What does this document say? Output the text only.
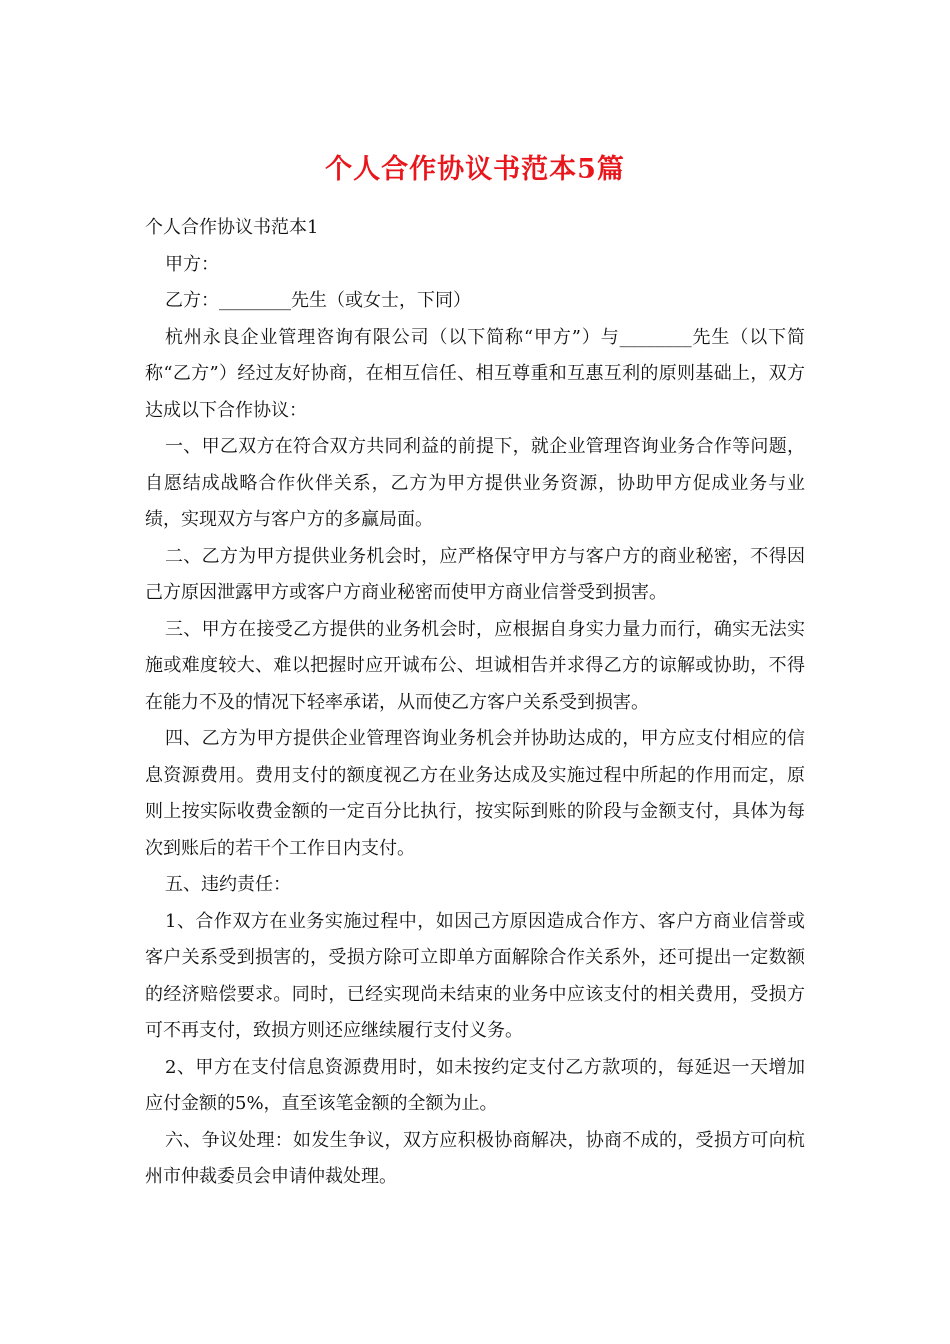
个人合作协议书范本5篇

个人合作协议书范本1

甲方：

乙方：________先生（或女士，下同）

杭州永良企业管理咨询有限公司（以下简称“甲方”）与________先生（以下简称“乙方”）经过友好协商，在相互信任、相互尊重和互惠互利的原则基础上，双方达成以下合作协议：

一、甲乙双方在符合双方共同利益的前提下，就企业管理咨询业务合作等问题，自愿结成战略合作伙伴关系，乙方为甲方提供业务资源，协助甲方促成业务与业绩，实现双方与客户方的多赢局面。

二、乙方为甲方提供业务机会时，应严格保守甲方与客户方的商业秘密，不得因己方原因泄露甲方或客户方商业秘密而使甲方商业信誉受到损害。

三、甲方在接受乙方提供的业务机会时，应根据自身实力量力而行，确实无法实施或难度较大、难以把握时应开诚布公、坦诚相告并求得乙方的谅解或协助，不得在能力不及的情况下轻率承诺，从而使乙方客户关系受到损害。

四、乙方为甲方提供企业管理咨询业务机会并协助达成的，甲方应支付相应的信息资源费用。费用支付的额度视乙方在业务达成及实施过程中所起的作用而定，原则上按实际收费金额的一定百分比执行，按实际到账的阶段与金额支付，具体为每次到账后的若干个工作日内支付。

五、违约责任：

1、合作双方在业务实施过程中，如因己方原因造成合作方、客户方商业信誉或客户关系受到损害的，受损方除可立即单方面解除合作关系外，还可提出一定数额的经济赔偿要求。同时，已经实现尚未结束的业务中应该支付的相关费用，受损方可不再支付，致损方则还应继续履行支付义务。

2、甲方在支付信息资源费用时，如未按约定支付乙方款项的，每延迟一天增加应付金额的5%，直至该笔金额的全额为止。

六、争议处理：如发生争议，双方应积极协商解决，协商不成的，受损方可向杭州市仲裁委员会申请仲裁处理。
